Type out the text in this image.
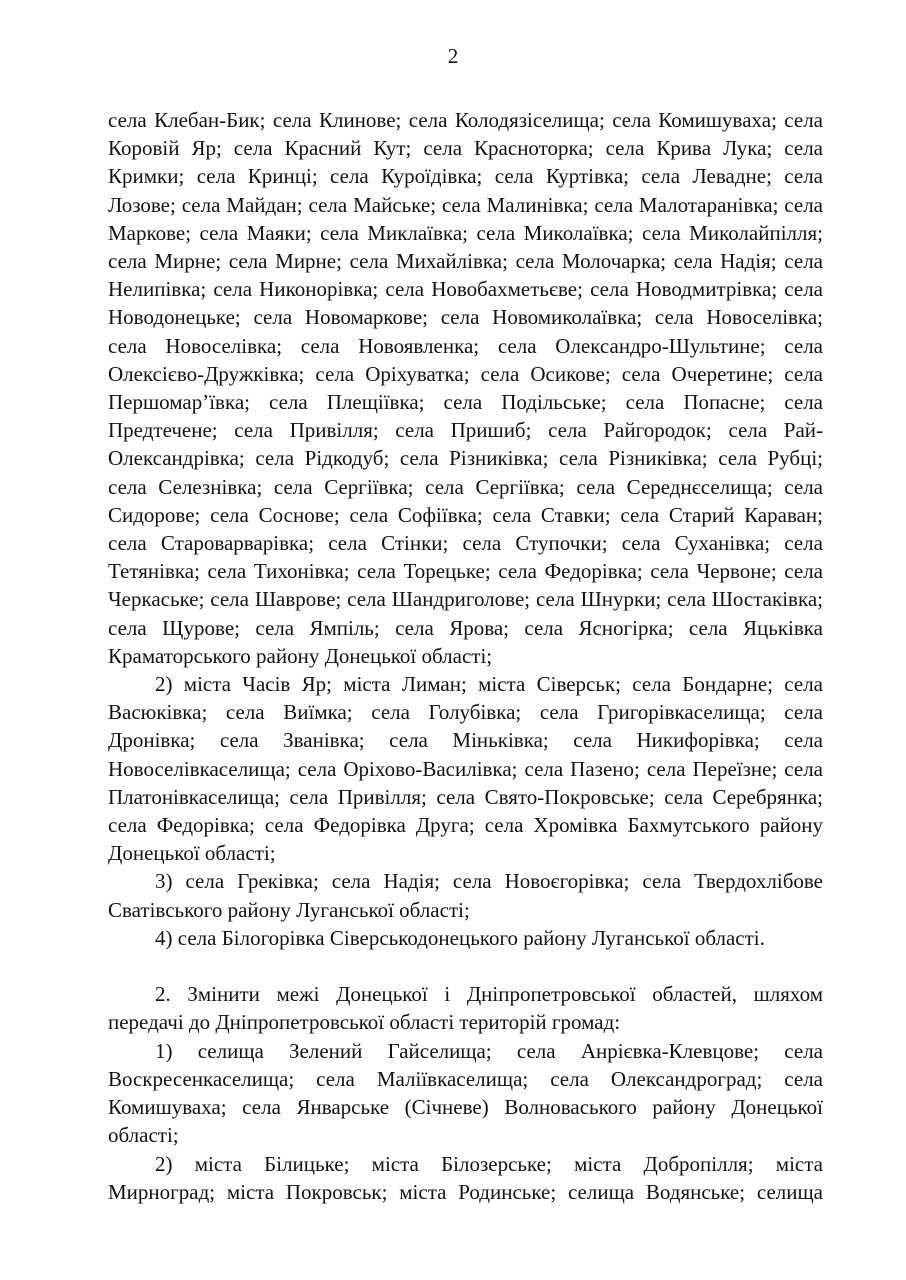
2
села Клебан-Бик; села Клинове; села Колодязіселища; села Комишуваха; села
Коровій Яр; села Красний Кут; села Красноторка; села Крива Лука; села
Кримки; села Кринці; села Куроїдівка; села Куртівка; села Левадне; села
Лозове; села Майдан; села Майське; села Малинівка; села Малотаранівка; села
Маркове; села Маяки; села Миклаївка; села Миколаївка; села Миколайпілля;
села Мирне; села Мирне; села Михайлівка; села Молочарка; села Надія; села
Нелипівка; села Никонорівка; села Новобахметьєве; села Новодмитрівка; села
Новодонецьке; села Новомаркове; села Новомиколаївка; села Новоселівка;
села Новоселівка; села Новоявленка; села Олександро-Шультине; села
Олексієво-Дружківка; села Оріхуватка; села Осикове; села Очеретине; села
Першомар’ївка; села Плещіївка; села Подільське; села Попасне; села
Предтечене; села Привілля; села Пришиб; села Райгородок; села Рай-
Олександрівка; села Рідкодуб; села Різниківка; села Різниківка; села Рубці;
села Селезнівка; села Сергіївка; села Сергіївка; села Середнєселища; села
Сидорове; села Соснове; села Софіївка; села Ставки; села Старий Караван;
села Староварварівка; села Стінки; села Ступочки; села Суханівка; села
Тетянівка; села Тихонівка; села Торецьке; села Федорівка; села Червоне; села
Черкаське; села Шаврове; села Шандриголове; села Шнурки; села Шостаківка;
села Щурове; села Ямпіль; села Ярова; села Ясногірка; села Яцьківка
Краматорського району Донецької області;
2) міста Часів Яр; міста Лиман; міста Сіверськ; села Бондарне; села
Васюківка; села Виїмка; села Голубівка; села Григорівкаселища; села
Дронівка; села Званівка; села Міньківка; села Никифорівка; села
Новоселівкаселища; села Оріхово-Василівка; села Пазено; села Переїзне; села
Платонівкаселища; села Привілля; села Свято-Покровське; села Серебрянка;
села Федорівка; села Федорівка Друга; села Хромівка Бахмутського району
Донецької області;
3) села Греківка; села Надія; села Новоєгорівка; села Твердохлібове
Сватівського району Луганської області;
4) села Білогорівка Сіверськодонецького району Луганської області.
2. Змінити межі Донецької і Дніпропетровської областей, шляхом
передачі до Дніпропетровської області територій громад:
1) селища Зелений Гайселища; села Анрієвка-Клевцове; села
Воскресенкаселища; села Маліївкаселища; села Олександроград; села
Комишуваха; села Январське (Січневе) Волноваського району Донецької
області;
2) міста Білицьке; міста Білозерське; міста Добропілля; міста
Мирноград; міста Покровськ; міста Родинське; селища Водянське; селища
